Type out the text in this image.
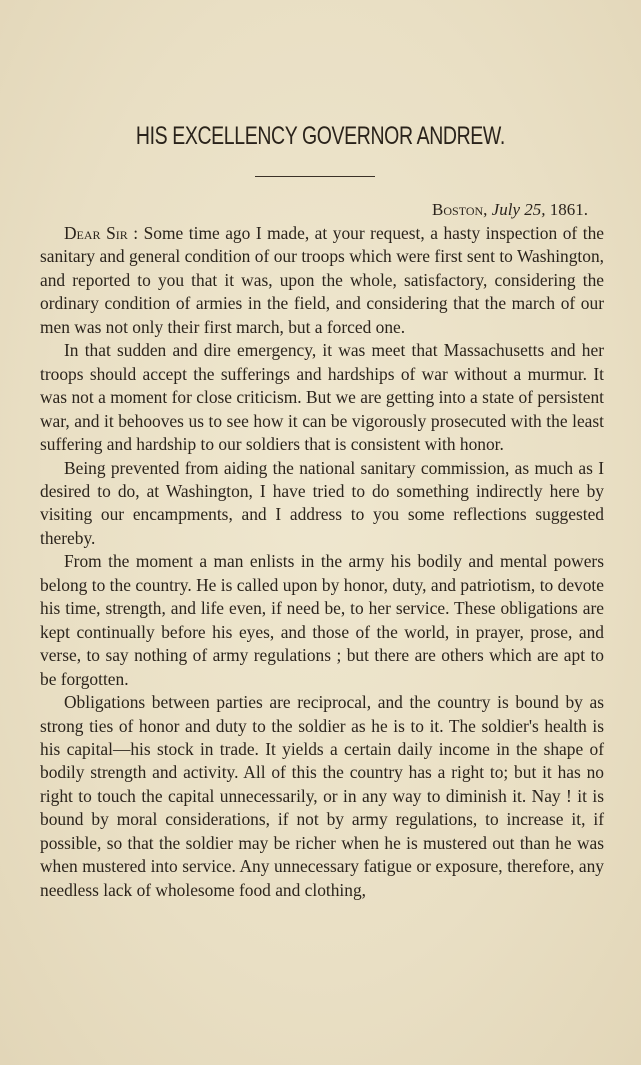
HIS EXCELLENCY GOVERNOR ANDREW.
Boston, July 25, 1861.

Dear Sir : Some time ago I made, at your request, a hasty inspection of the sanitary and general condition of our troops which were first sent to Washington, and reported to you that it was, upon the whole, satisfactory, considering the ordinary condition of armies in the field, and considering that the march of our men was not only their first march, but a forced one.

In that sudden and dire emergency, it was meet that Massachusetts and her troops should accept the sufferings and hardships of war without a murmur. It was not a moment for close criticism. But we are getting into a state of persistent war, and it behooves us to see how it can be vigorously prosecuted with the least suffering and hardship to our soldiers that is consistent with honor.

Being prevented from aiding the national sanitary commission, as much as I desired to do, at Washington, I have tried to do something indirectly here by visiting our encampments, and I address to you some reflections suggested thereby.

From the moment a man enlists in the army his bodily and mental powers belong to the country. He is called upon by honor, duty, and patriotism, to devote his time, strength, and life even, if need be, to her service. These obligations are kept continually before his eyes, and those of the world, in prayer, prose, and verse, to say nothing of army regulations ; but there are others which are apt to be forgotten.

Obligations between parties are reciprocal, and the country is bound by as strong ties of honor and duty to the soldier as he is to it. The soldier's health is his capital—his stock in trade. It yields a certain daily income in the shape of bodily strength and activity. All of this the country has a right to; but it has no right to touch the capital unnecessarily, or in any way to diminish it. Nay ! it is bound by moral considerations, if not by army regulations, to increase it, if possible, so that the soldier may be richer when he is mustered out than he was when mustered into service. Any unnecessary fatigue or exposure, therefore, any needless lack of wholesome food and clothing,
